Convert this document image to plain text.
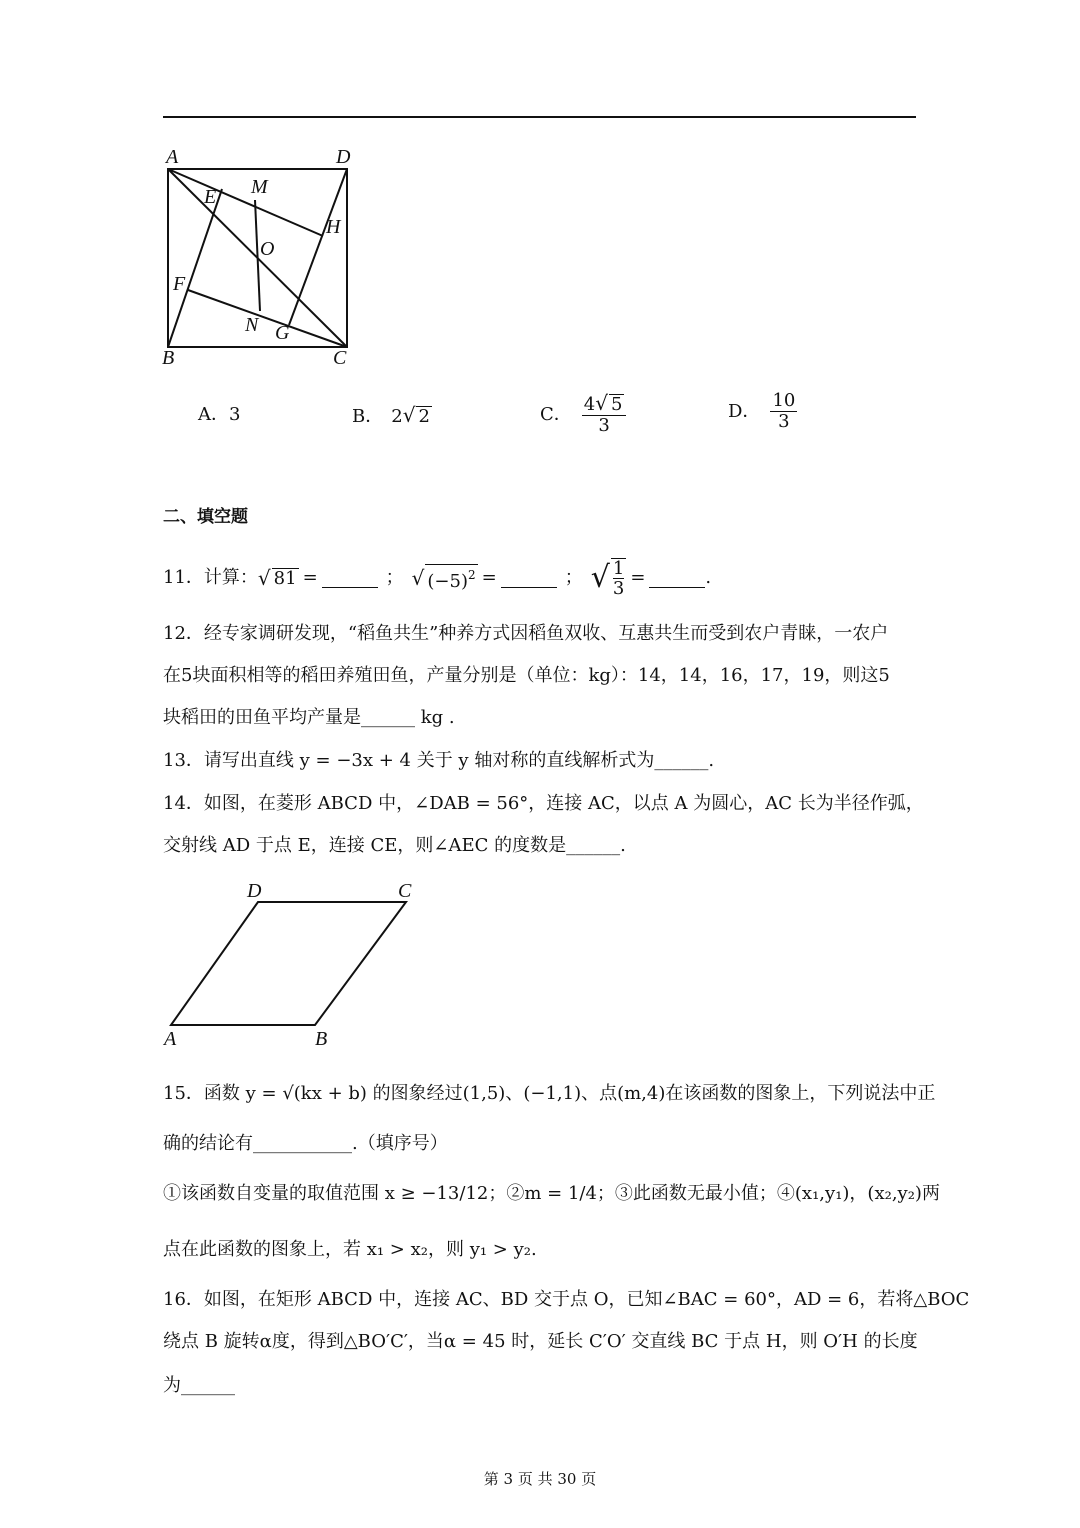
A	D
E M
H
O
F
N G
B	C
A．3	B． 2√ 2	C． $\frac{4√ 5}{3}$	D． $\frac{10}{3}$
二、填空题
11．计算： √ 81 =	； √ $(-5)^2$ =	； √ $\frac{1}{3}$ =	.
12．经专家调研发现，“稻鱼共生”种养方式因稻鱼双收、互惠共生而受到农户青睐，一农户
在5块面积相等的稻田养殖田鱼，产量分别是（单位：kg）：14，14，16，17，19，则这5
块稻田的田鱼平均产量是______ kg .
13．请写出直线 y = −3x + 4 关于 y 轴对称的直线解析式为______.
14．如图，在菱形 ABCD 中，∠DAB = 56°，连接 AC，以点 A 为圆心，AC 长为半径作弧，
交射线 AD 于点 E，连接 CE，则∠AEC 的度数是______.
D	C
A	B
15．函数 y = √(kx + b) 的图象经过(1,5)、(−1,1)、点(m,4)在该函数的图象上，下列说法中正
确的结论有___________.（填序号）
①该函数自变量的取值范围 x ≥ −13/12；②m = 1/4；③此函数无最小值；④(x₁,y₁)，(x₂,y₂)两
点在此函数的图象上，若 x₁ > x₂，则 y₁ > y₂.
16．如图，在矩形 ABCD 中，连接 AC、BD 交于点 O，已知∠BAC = 60°，AD = 6，若将△BOC
绕点 B 旋转α度，得到△BO′C′，当α = 45 时，延长 C′O′ 交直线 BC 于点 H，则 O′H 的长度
为______
第 3 页 共 30 页
